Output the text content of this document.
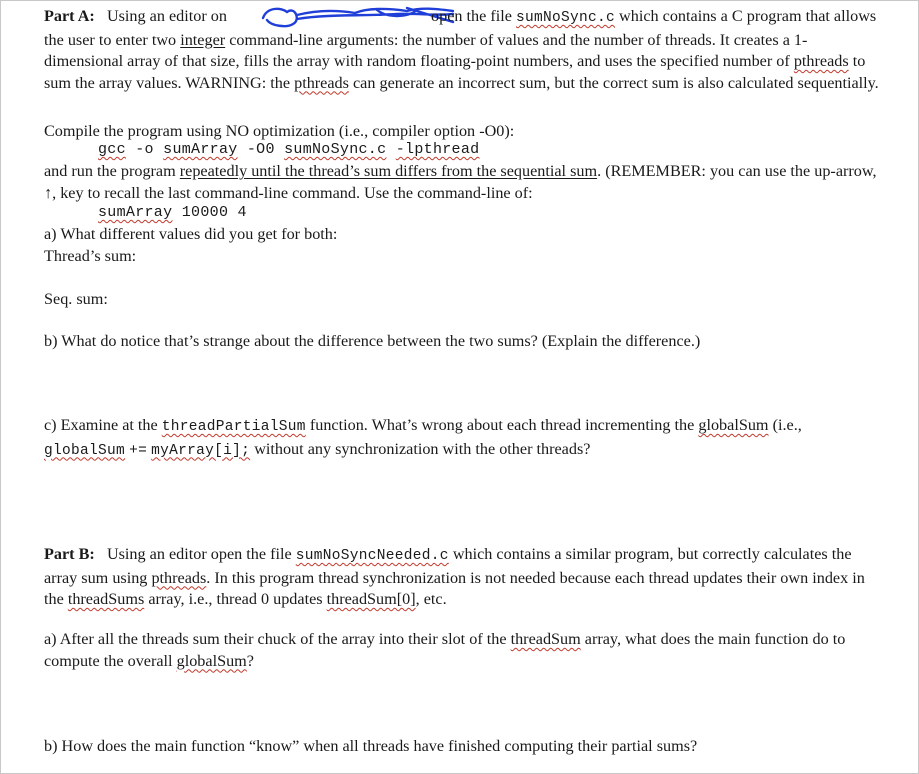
Part A: Using an editor on	open the file sumNoSync.c which contains a C program that allows the user to enter two integer command-line arguments: the number of values and the number of threads. It creates a 1-dimensional array of that size, fills the array with random floating-point numbers, and uses the specified number of pthreads to sum the array values. WARNING: the pthreads can generate an incorrect sum, but the correct sum is also calculated sequentially.

Compile the program using NO optimization (i.e., compiler option -O0):

gcc -o sumArray -O0 sumNoSync.c -lpthread

and run the program repeatedly until the thread’s sum differs from the sequential sum. (REMEMBER: you can use the up-arrow, ↑, key to recall the last command-line command. Use the command-line of:

sumArray 10000 4

a) What different values did you get for both:

Thread’s sum:

Seq. sum:

b) What do notice that’s strange about the difference between the two sums? (Explain the difference.)

c) Examine at the threadPartialSum function. What’s wrong about each thread incrementing the globalSum (i.e., globalSum += myArray[i]; without any synchronization with the other threads?

Part B: Using an editor open the file sumNoSyncNeeded.c which contains a similar program, but correctly calculates the array sum using pthreads. In this program thread synchronization is not needed because each thread updates their own index in the threadSums array, i.e., thread 0 updates threadSum[0], etc.

a) After all the threads sum their chuck of the array into their slot of the threadSum array, what does the main function do to compute the overall globalSum?

b) How does the main function “know” when all threads have finished computing their partial sums?
